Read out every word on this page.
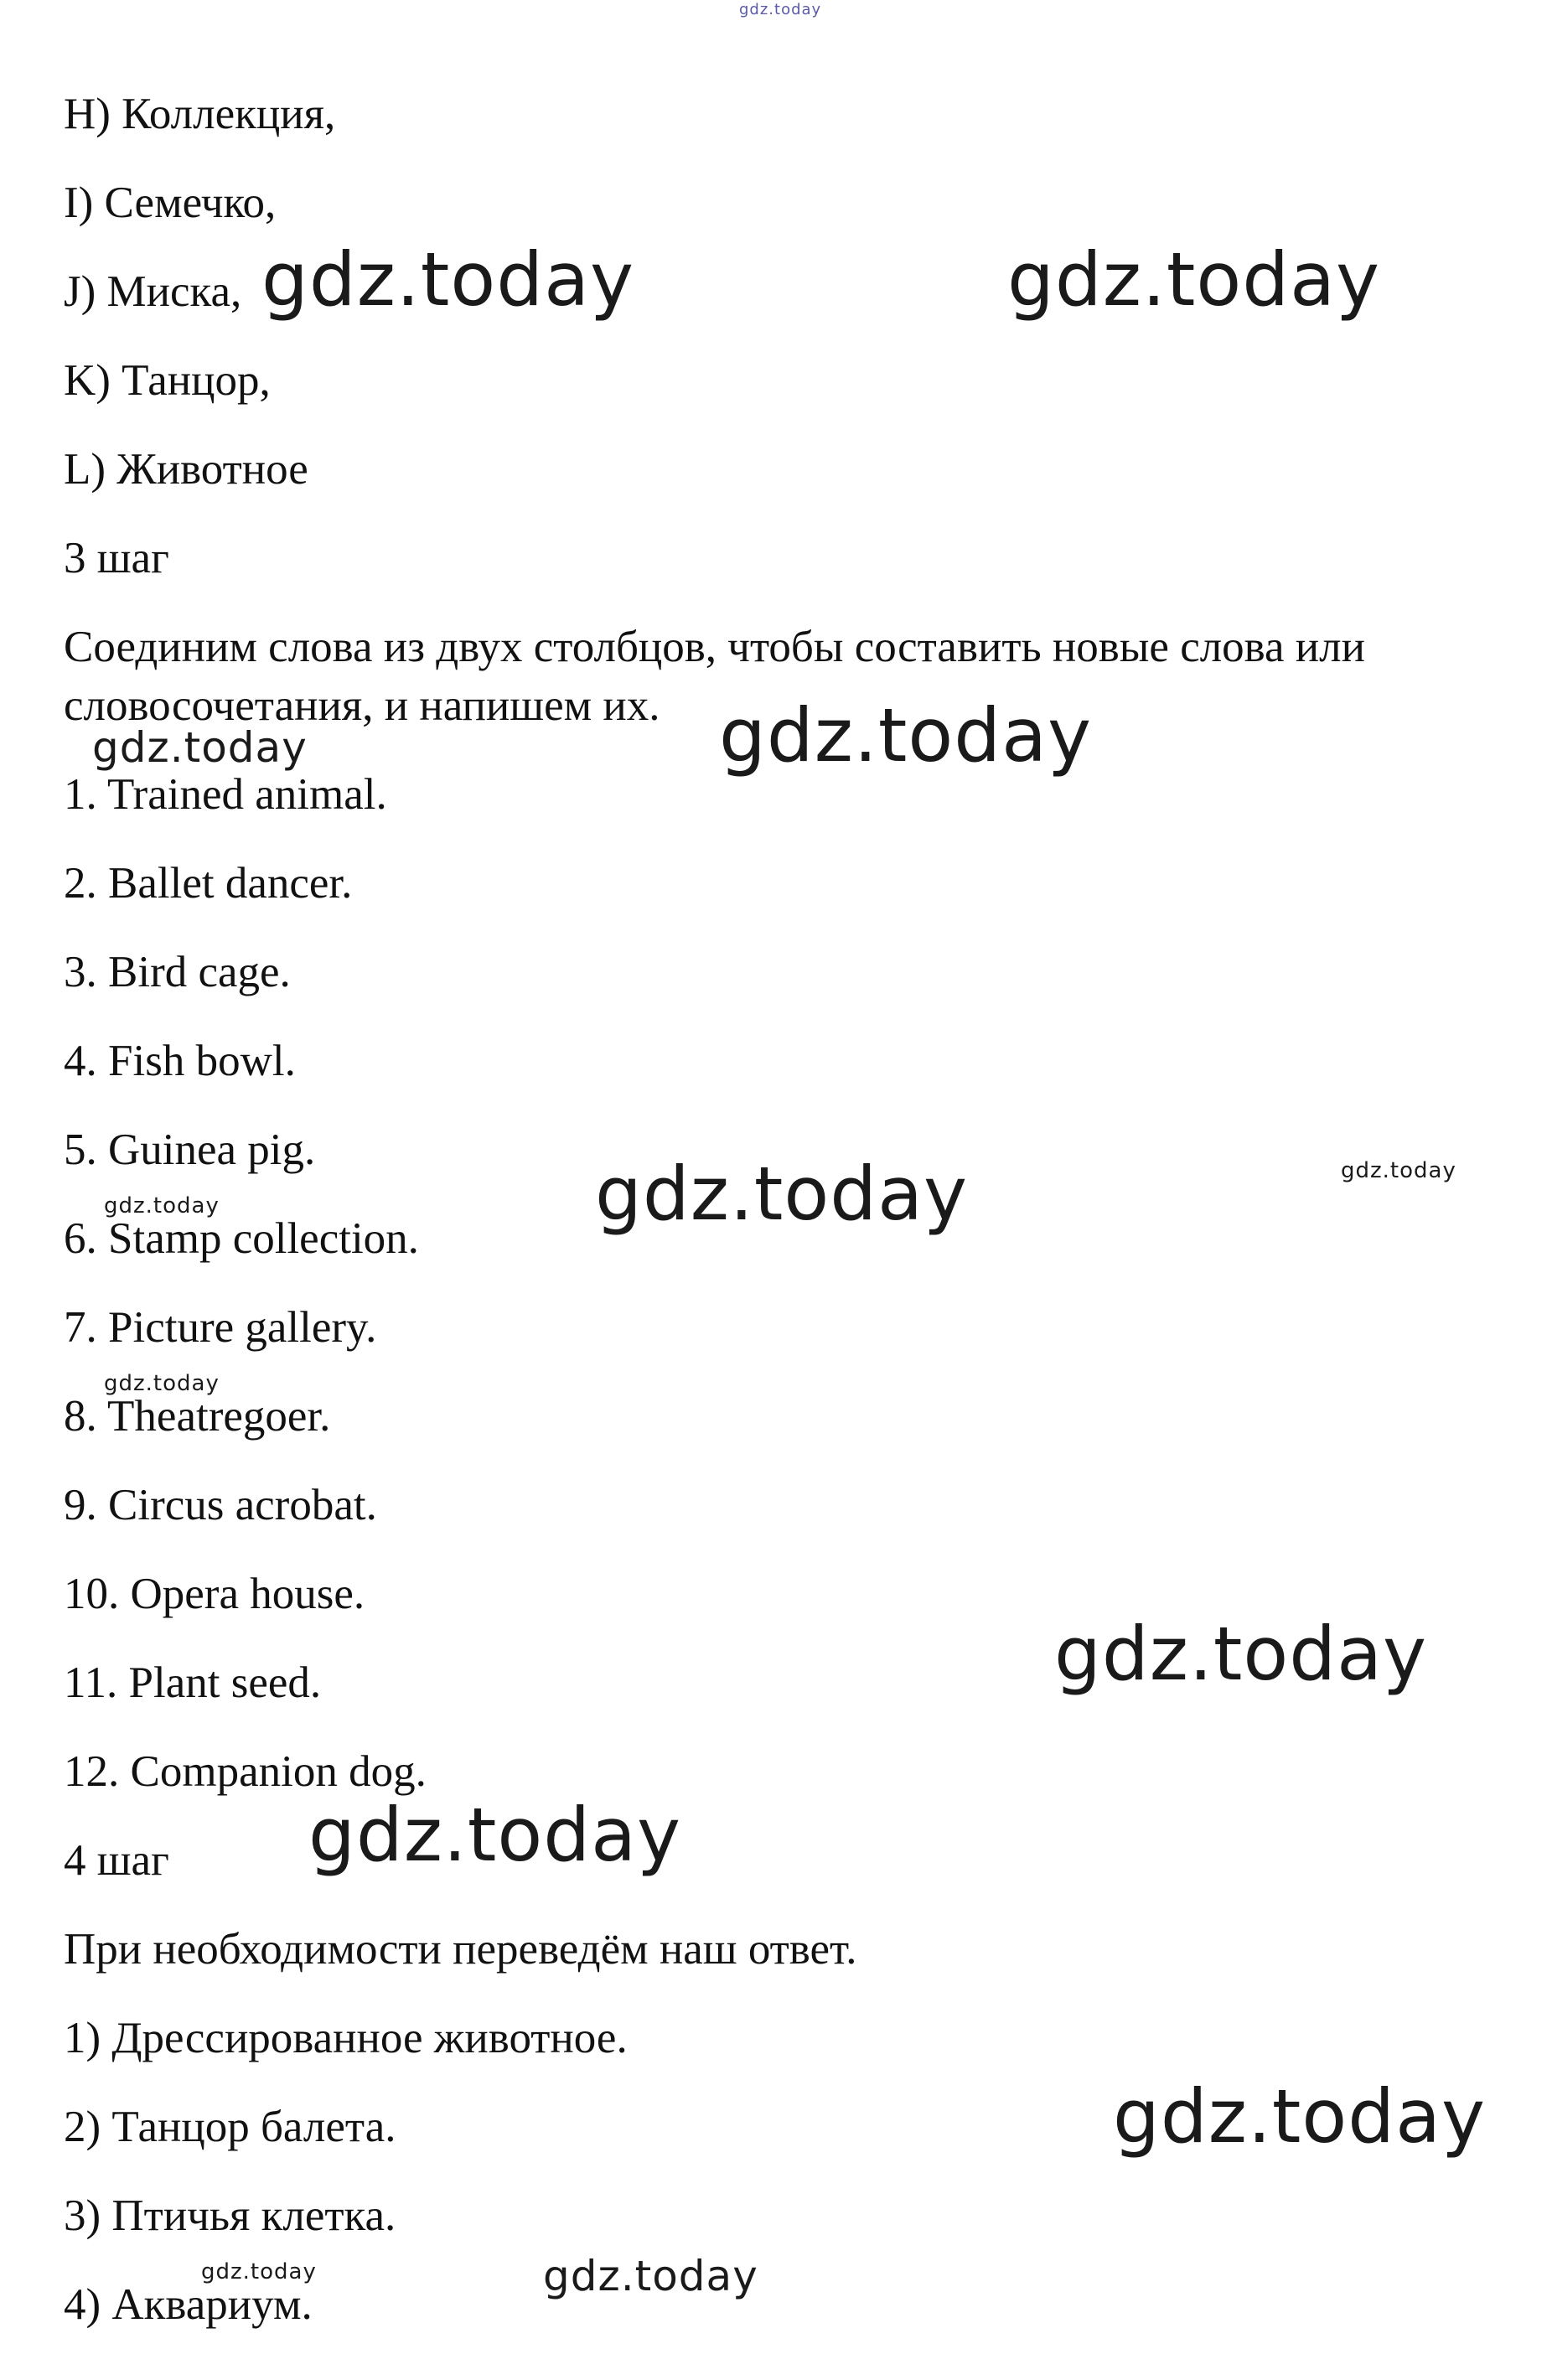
gdz.today
H) Коллекция,
I) Семечко,
J) Миска,
K) Танцор,
L) Животное
3 шаг
Соединим слова из двух столбцов, чтобы составить новые слова или словосочетания, и напишем их.
1. Trained animal.
2. Ballet dancer.
3. Bird cage.
4. Fish bowl.
5. Guinea pig.
6. Stamp collection.
7. Picture gallery.
8. Theatregoer.
9. Circus acrobat.
10. Opera house.
11. Plant seed.
12. Companion dog.
4 шаг
При необходимости переведём наш ответ.
1) Дрессированное животное.
2) Танцор балета.
3) Птичья клетка.
4) Аквариум.
gdz.today	gdz.today
gdz.today	gdz.today
gdz.today	gdz.today
gdz.today
gdz.today
gdz.today
gdz.today
gdz.today
gdz.today	gdz.today
